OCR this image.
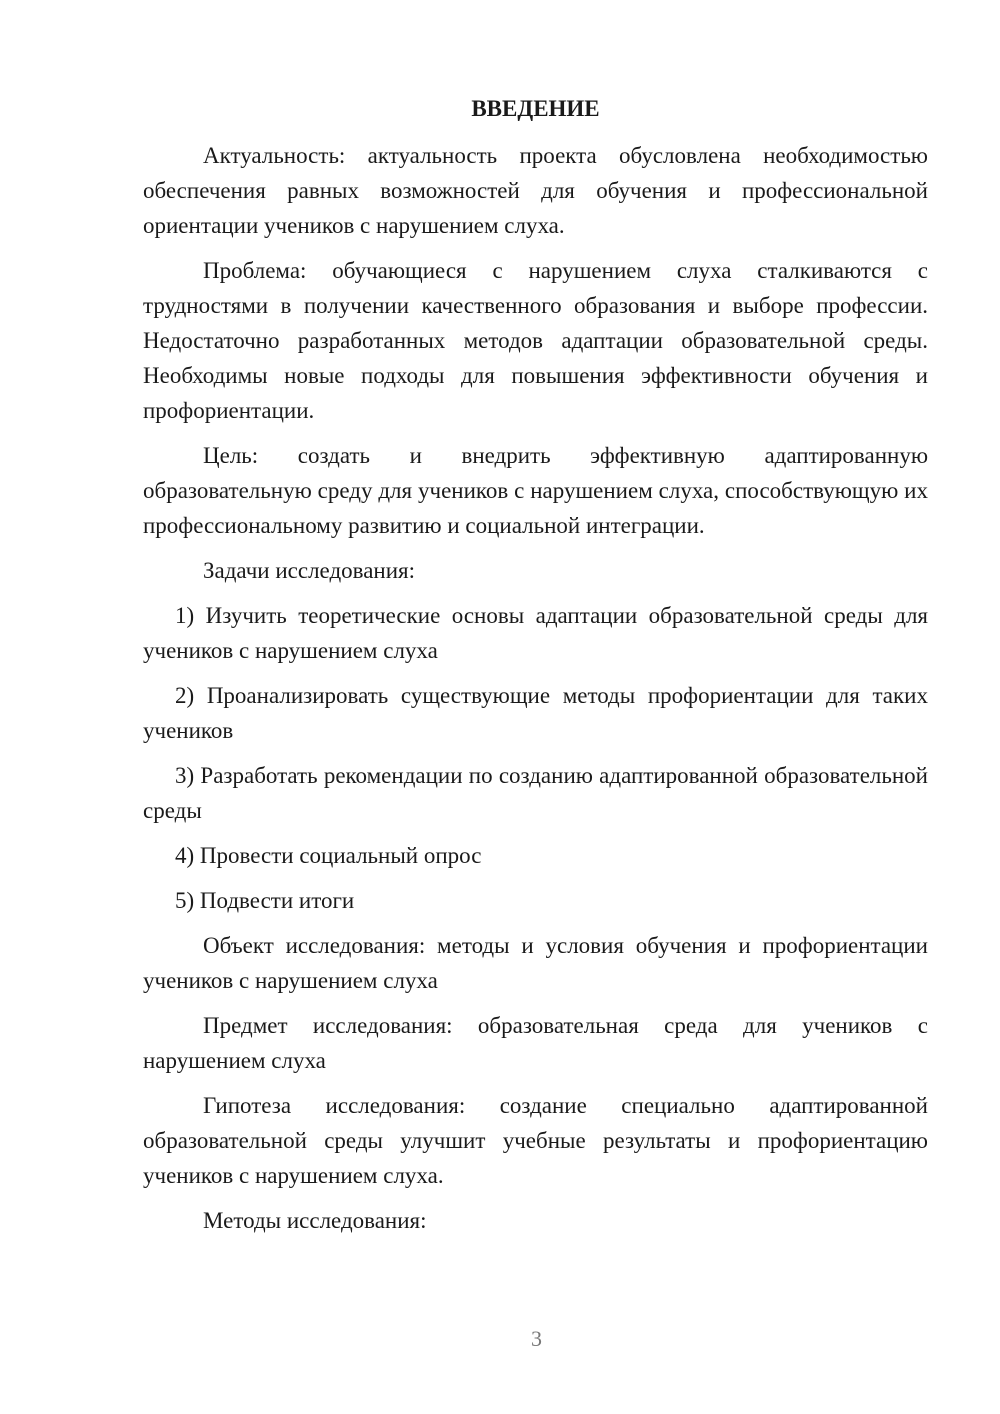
ВВЕДЕНИЕ

Актуальность: актуальность проекта обусловлена необходимостью обеспечения равных возможностей для обучения и профессиональной ориентации учеников с нарушением слуха.

Проблема: обучающиеся с нарушением слуха сталкиваются с трудностями в получении качественного образования и выборе профессии. Недостаточно разработанных методов адаптации образовательной среды. Необходимы новые подходы для повышения эффективности обучения и профориентации.

Цель: создать и внедрить эффективную адаптированную образовательную среду для учеников с нарушением слуха, способствующую их профессиональному развитию и социальной интеграции.

Задачи исследования:

1) Изучить теоретические основы адаптации образовательной среды для учеников с нарушением слуха

2) Проанализировать существующие методы профориентации для таких учеников

3) Разработать рекомендации по созданию адаптированной образовательной среды

4) Провести социальный опрос

5) Подвести итоги

Объект исследования: методы и условия обучения и профориентации учеников с нарушением слуха

Предмет исследования: образовательная среда для учеников с нарушением слуха

Гипотеза исследования: создание специально адаптированной образовательной среды улучшит учебные результаты и профориентацию учеников с нарушением слуха.

Методы исследования:

3
